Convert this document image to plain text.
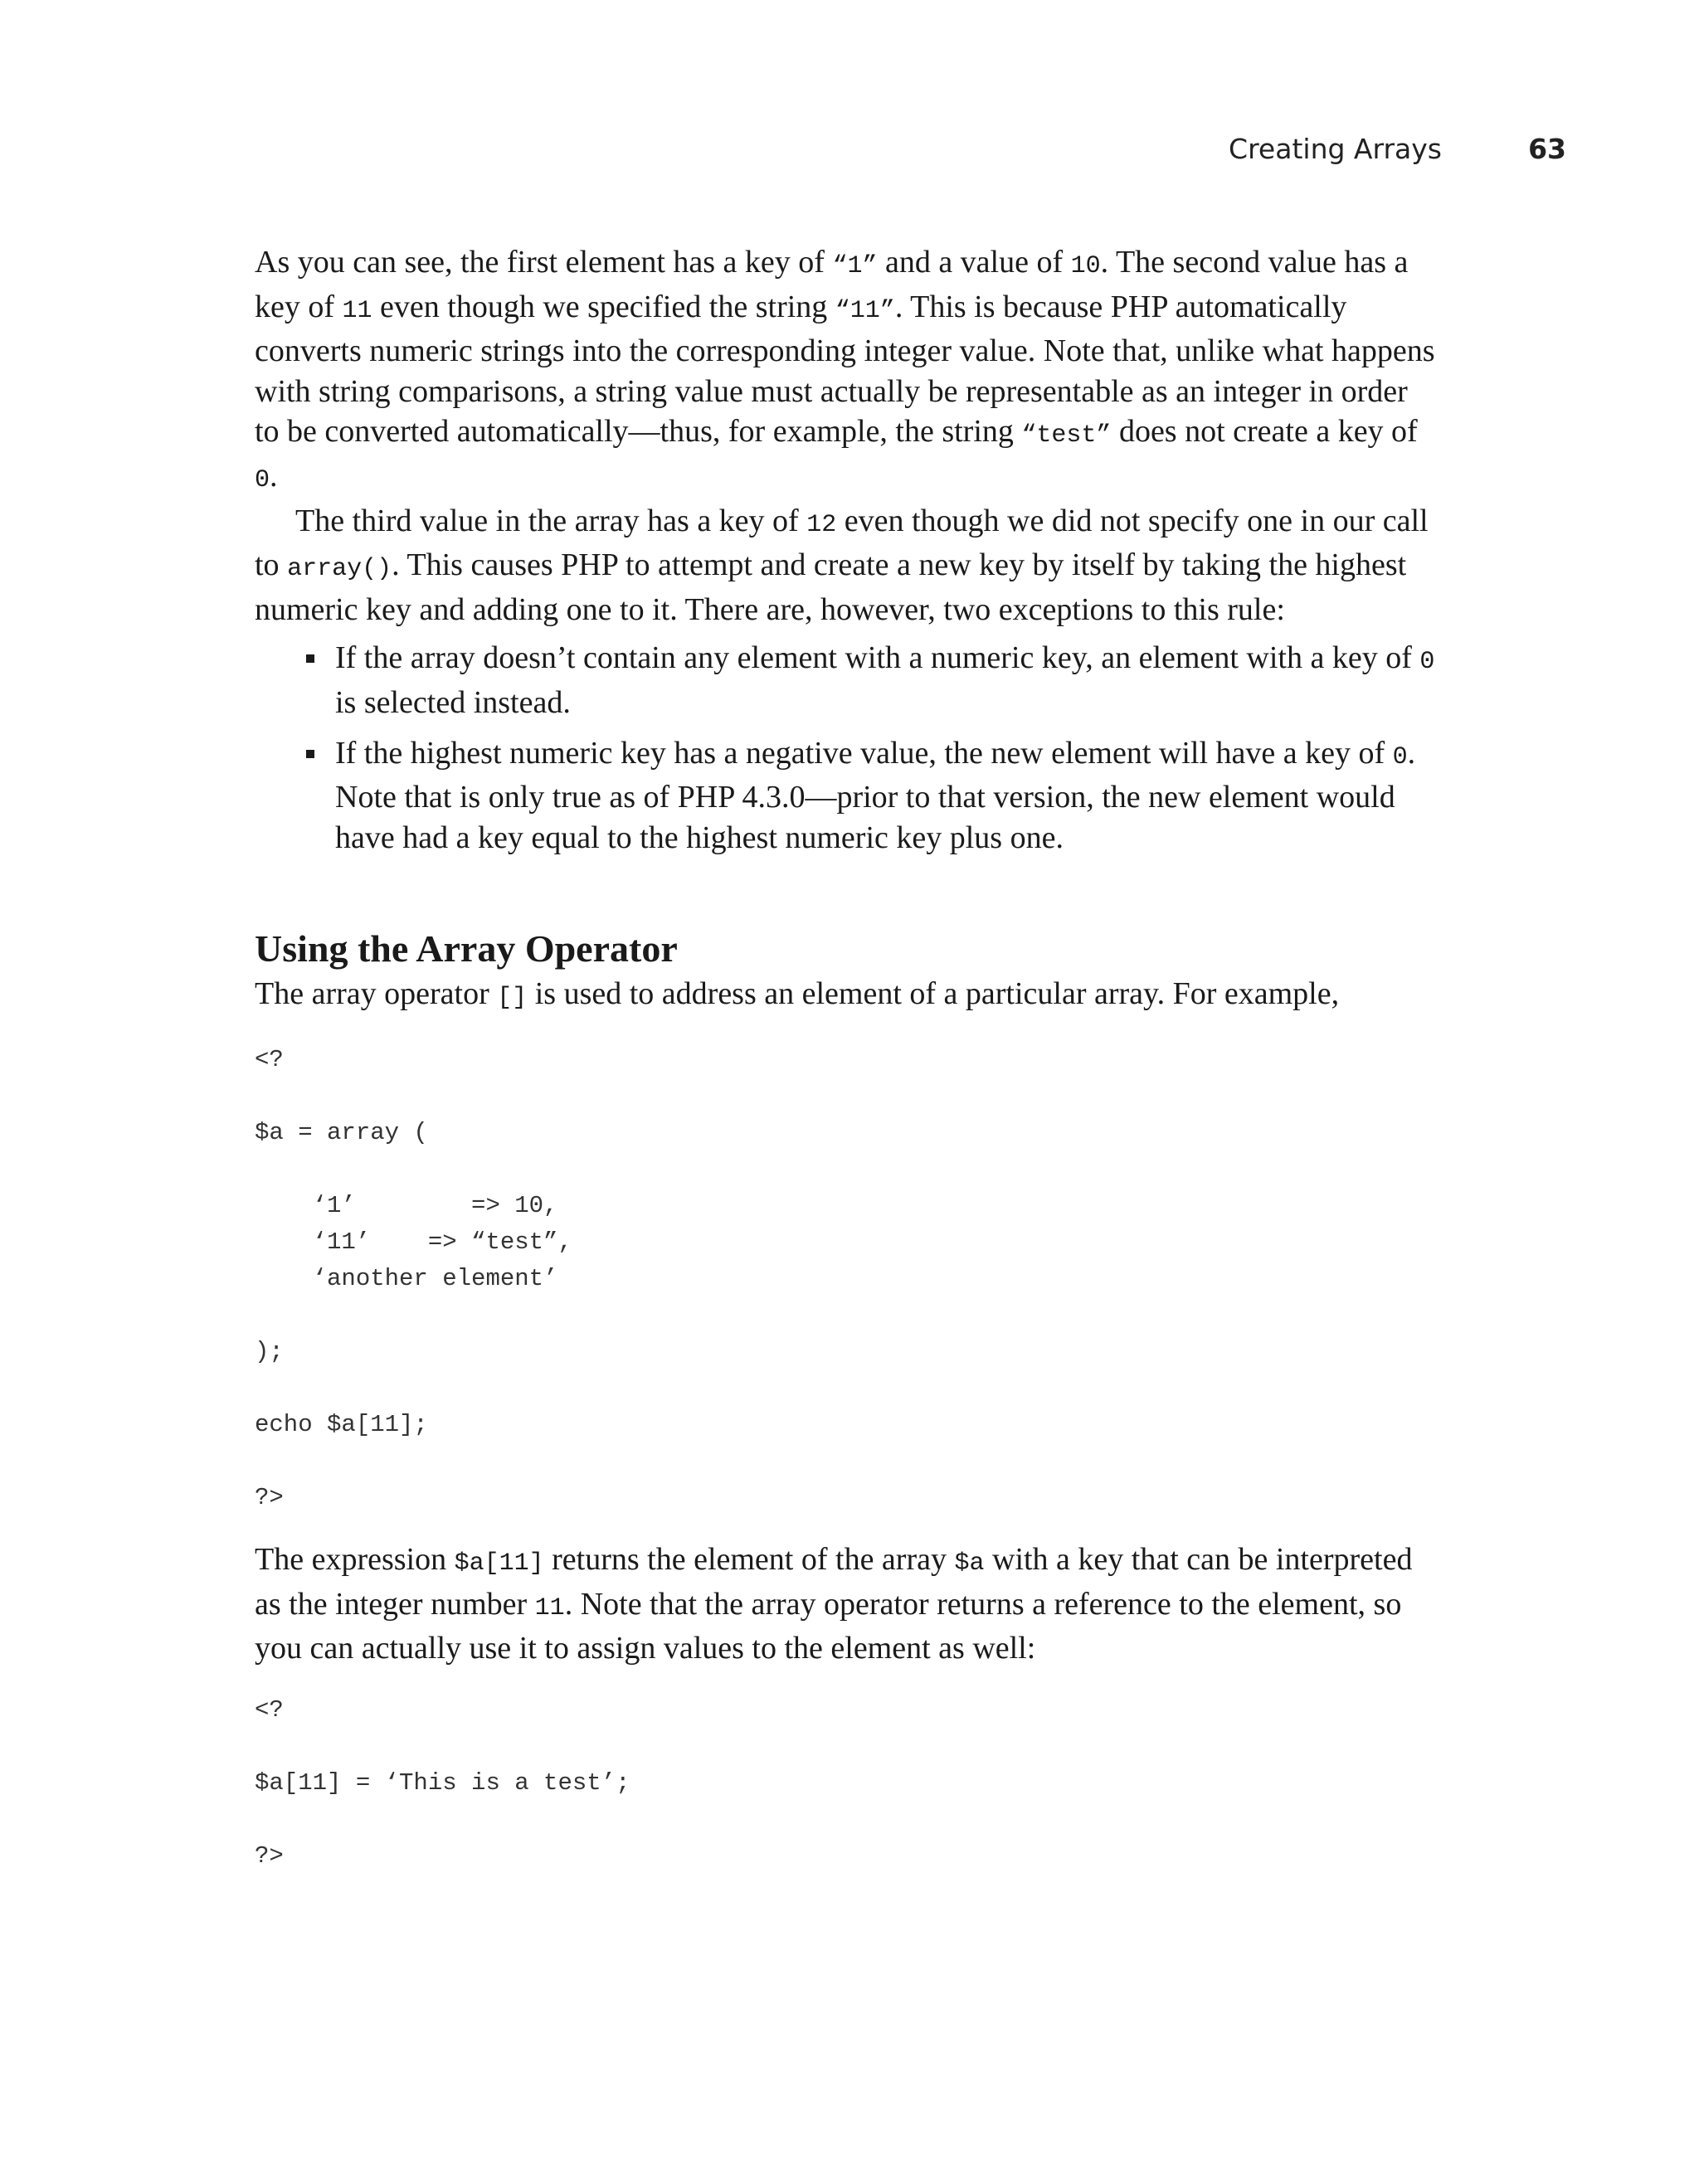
Creating Arrays	63

As you can see, the first element has a key of “1” and a value of 10. The second value has a key of 11 even though we specified the string “11”. This is because PHP automatically converts numeric strings into the corresponding integer value. Note that, unlike what happens with string comparisons, a string value must actually be representable as an integer in order to be converted automatically—thus, for example, the string “test” does not create a key of 0.

The third value in the array has a key of 12 even though we did not specify one in our call to array(). This causes PHP to attempt and create a new key by itself by taking the highest numeric key and adding one to it. There are, however, two exceptions to this rule:

If the array doesn’t contain any element with a numeric key, an element with a key of 0 is selected instead.
If the highest numeric key has a negative value, the new element will have a key of 0. Note that is only true as of PHP 4.3.0—prior to that version, the new element would have had a key equal to the highest numeric key plus one.
Using the Array Operator

The array operator [] is used to address an element of a particular array. For example,

<?

$a = array (

‘1’        => 10,
‘11’    => “test”,
‘another element’

);

echo $a[11];

?>

The expression $a[11] returns the element of the array $a with a key that can be interpreted as the integer number 11. Note that the array operator returns a reference to the element, so you can actually use it to assign values to the element as well:

<?

$a[11] = ‘This is a test’;

?>
